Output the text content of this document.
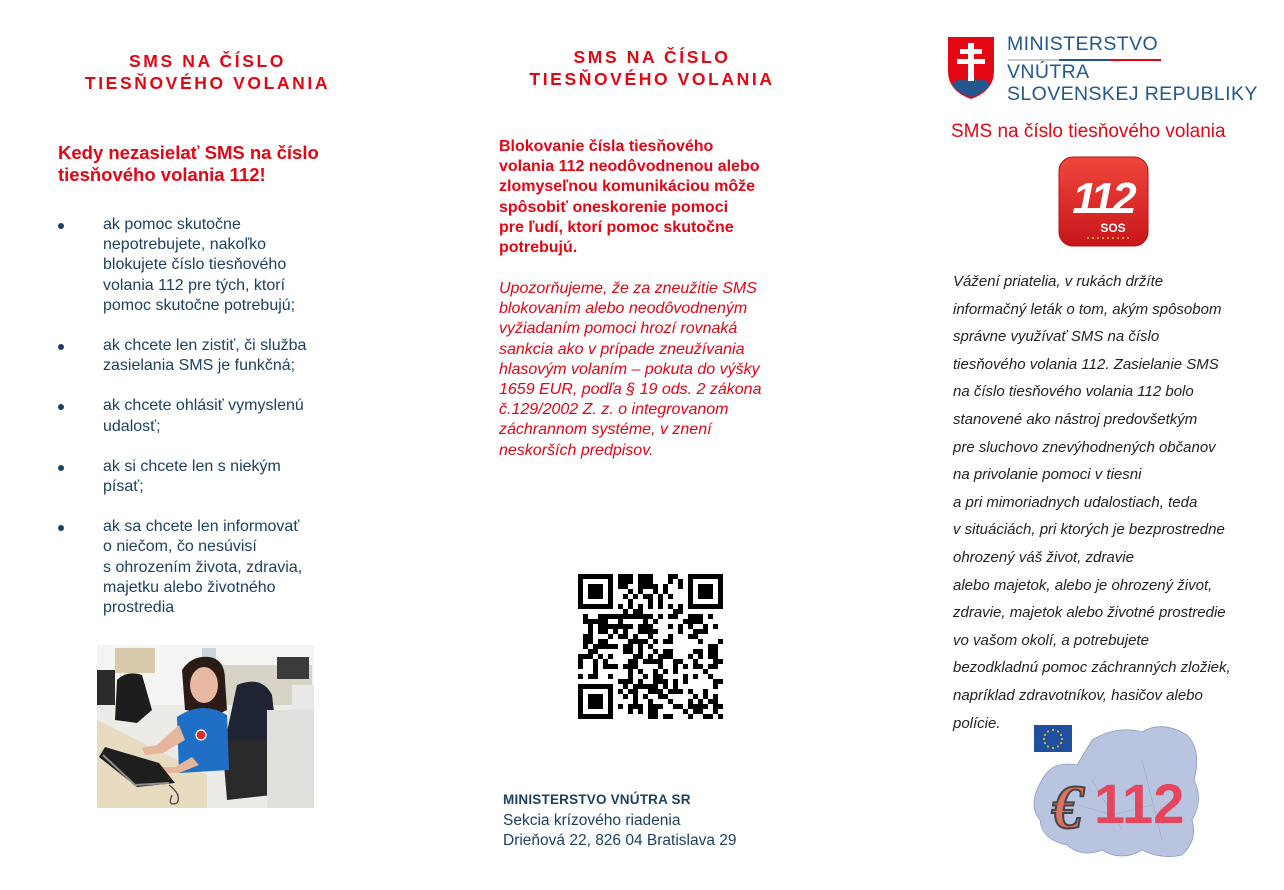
SMS NA ČÍSLO
TIESŇOVÉHO VOLANIA
Kedy nezasielať SMS na číslo
tiesňového volania 112!
ak pomoc skutočne
nepotrebujete, nakoľko
blokujete číslo tiesňového
volania 112 pre tých, ktorí
pomoc skutočne potrebujú;
ak chcete len zistiť, či služba
zasielania SMS je funkčná;
ak chcete ohlásiť vymyslenú
udalosť;
ak si chcete len s niekým
písať;
ak sa chcete len informovať
o niečom, čo nesúvisí
s ohrozením života, zdravia,
majetku alebo životného
prostredia
SMS NA ČÍSLO
TIESŇOVÉHO VOLANIA
Blokovanie čísla tiesňového
volania 112 neodôvodnenou alebo
zlomyseľnou komunikáciou môže
spôsobiť oneskorenie pomoci
pre ľudí, ktorí pomoc skutočne
potrebujú.
Upozorňujeme, že za zneužitie SMS
blokovaním alebo neodôvodneným
vyžiadaním pomoci hrozí rovnaká
sankcia ako v prípade zneužívania
hlasovým volaním – pokuta do výšky
1659 EUR, podľa § 19 ods. 2 zákona
č.129/2002 Z. z. o integrovanom
záchrannom systéme, v znení
neskorších predpisov.
MINISTERSTVO VNÚTRA SR
Sekcia krízového riadenia
Drieňová 22, 826 04 Bratislava 29
MINISTERSTVO
VNÚTRA
SLOVENSKEJ REPUBLIKY
SMS na číslo tiesňového volania
112
SOS
Vážení priatelia, v rukách držíte
informačný leták o tom, akým spôsobom
správne využívať SMS na číslo
tiesňového volania 112. Zasielanie SMS
na číslo tiesňového volania 112 bolo
stanovené ako nástroj predovšetkým
pre sluchovo znevýhodnených občanov
na privolanie pomoci v tiesni
a pri mimoriadnych udalostiach, teda
v situáciách, pri ktorých je bezprostredne
ohrozený váš život, zdravie
alebo majetok, alebo je ohrozený život,
zdravie, majetok alebo životné prostredie
vo vašom okolí, a potrebujete
bezodkladnú pomoc záchranných zložiek,
napríklad zdravotníkov, hasičov alebo
polície.
€ 112
